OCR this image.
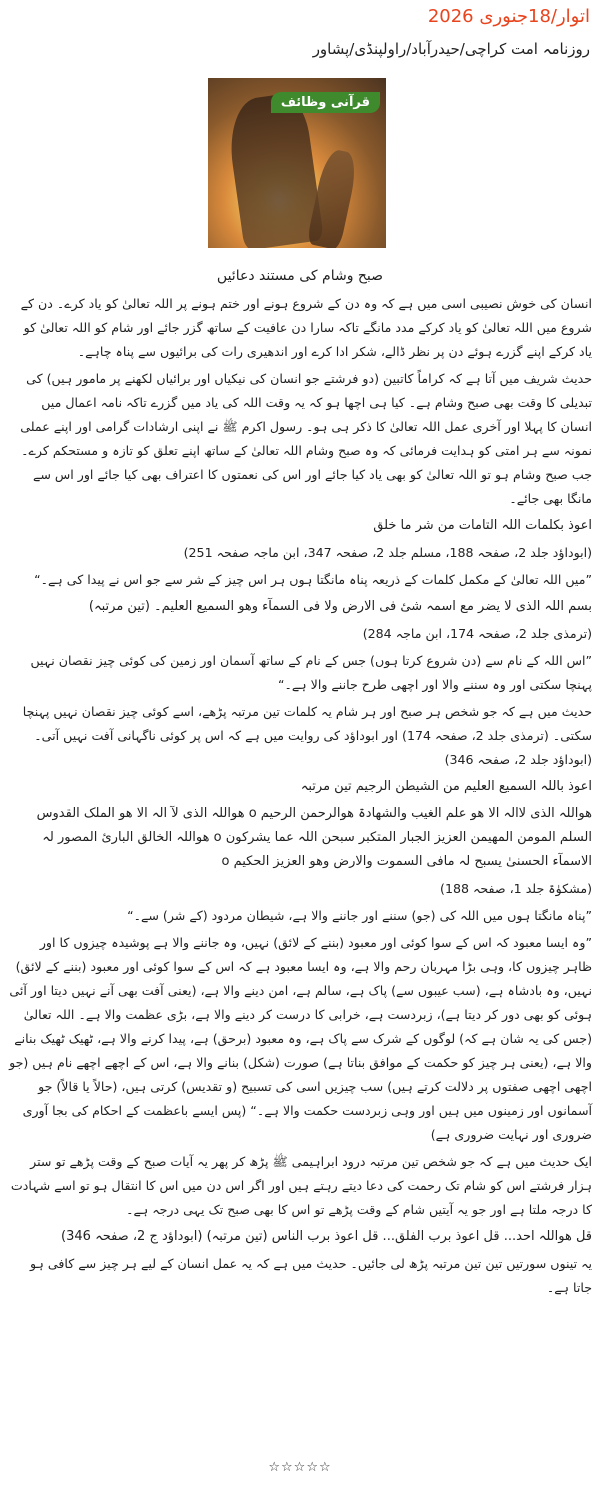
اتوار/18جنوری 2026
روزنامہ امت کراچی/حیدرآباد/راولپنڈی/پشاور
قرآنی وظائف
صبح وشام کی مستند دعائیں

انسان کی خوش نصیبی اسی میں ہے کہ وہ دن کے شروع ہونے اور ختم ہونے پر اللہ تعالیٰ کو یاد کرے۔ دن کے شروع میں اللہ تعالیٰ کو یاد کرکے مدد مانگے تاکہ سارا دن عافیت کے ساتھ گزر جائے اور شام کو اللہ تعالیٰ کو یاد کرکے اپنے گزرے ہوئے دن پر نظر ڈالے، شکر ادا کرے اور اندھیری رات کی برائیوں سے پناہ چاہے۔

حدیث شریف میں آتا ہے کہ کراماً کاتبین (دو فرشتے جو انسان کی نیکیاں اور برائیاں لکھنے پر مامور ہیں) کی تبدیلی کا وقت بھی صبح وشام ہے۔ کیا ہی اچھا ہو کہ یہ وقت اللہ کی یاد میں گزرے تاکہ نامہ اعمال میں انسان کا پہلا اور آخری عمل اللہ تعالیٰ کا ذکر ہی ہو۔ رسول اکرم ﷺ نے اپنی ارشادات گرامی اور اپنے عملی نمونہ سے ہر امتی کو ہدایت فرمائی کہ وہ صبح وشام اللہ تعالیٰ کے ساتھ اپنے تعلق کو تازہ و مستحکم کرے۔ جب صبح وشام ہو تو اللہ تعالیٰ کو بھی یاد کیا جائے اور اس کی نعمتوں کا اعتراف بھی کیا جائے اور اس سے مانگا بھی جائے۔

اعوذ بکلمات اللہ التامات من شر ما خلق

(ابوداؤد جلد 2، صفحہ 188، مسلم جلد 2، صفحہ 347، ابن ماجہ صفحہ 251)

”میں اللہ تعالیٰ کے مکمل کلمات کے ذریعہ پناہ مانگتا ہوں ہر اس چیز کے شر سے جو اس نے پیدا کی ہے۔“

بسم اللہ الذی لا یضر مع اسمہ شیٔ فی الارض ولا فی السمآء وھو السمیع العلیم۔ (تین مرتبہ)

(ترمذی جلد 2، صفحہ 174، ابن ماجہ 284)

”اس اللہ کے نام سے (دن شروع کرتا ہوں) جس کے نام کے ساتھ آسمان اور زمین کی کوئی چیز نقصان نہیں پہنچا سکتی اور وہ سننے والا اور اچھی طرح جاننے والا ہے۔“

حدیث میں ہے کہ جو شخص ہر صبح اور ہر شام یہ کلمات تین مرتبہ پڑھے، اسے کوئی چیز نقصان نہیں پہنچا سکتی۔ (ترمذی جلد 2، صفحہ 174) اور ابوداؤد کی روایت میں ہے کہ اس پر کوئی ناگہانی آفت نہیں آتی۔ (ابوداؤد جلد 2، صفحہ 346)

اعوذ باللہ السمیع العلیم من الشیطن الرجیم تین مرتبہ

ھواللہ الذی لاالہ الا ھو علم الغیب والشھادۃ ھوالرحمن الرحیم o ھواللہ الذی لآ الہ الا ھو الملک القدوس السلم المومن المھیمن العزیز الجبار المتکبر سبحن اللہ عما یشرکون o ھواللہ الخالق الباریٔ المصور لہ الاسمآء الحسنیٰ یسبح لہ مافی السموت والارض وھو العزیز الحکیم o

(مشکوٰۃ جلد 1، صفحہ 188)

”پناہ مانگتا ہوں میں اللہ کی (جو) سننے اور جاننے والا ہے، شیطان مردود (کے شر) سے۔“

”وہ ایسا معبود کہ اس کے سوا کوئی اور معبود (بننے کے لائق) نہیں، وہ جاننے والا ہے پوشیدہ چیزوں کا اور ظاہر چیزوں کا، وہی بڑا مہربان رحم والا ہے، وہ ایسا معبود ہے کہ اس کے سوا کوئی اور معبود (بننے کے لائق) نہیں، وہ بادشاہ ہے، (سب عیبوں سے) پاک ہے، سالم ہے، امن دینے والا ہے، (یعنی آفت بھی آنے نہیں دیتا اور آئی ہوئی کو بھی دور کر دیتا ہے)، زبردست ہے، خرابی کا درست کر دینے والا ہے، بڑی عظمت والا ہے۔ اللہ تعالیٰ (جس کی یہ شان ہے کہ) لوگوں کے شرک سے پاک ہے، وہ معبود (برحق) ہے، پیدا کرنے والا ہے، ٹھیک ٹھیک بنانے والا ہے، (یعنی ہر چیز کو حکمت کے موافق بناتا ہے) صورت (شکل) بنانے والا ہے، اس کے اچھے اچھے نام ہیں (جو اچھی اچھی صفتوں پر دلالت کرتے ہیں) سب چیزیں اسی کی تسبیح (و تقدیس) کرتی ہیں، (حالاً یا قالاً) جو آسمانوں اور زمینوں میں ہیں اور وہی زبردست حکمت والا ہے۔“ (پس ایسے باعظمت کے احکام کی بجا آوری ضروری اور نہایت ضروری ہے)

ایک حدیث میں ہے کہ جو شخص تین مرتبہ درود ابراہیمی ﷺ پڑھ کر پھر یہ آیات صبح کے وقت پڑھے تو ستر ہزار فرشتے اس کو شام تک رحمت کی دعا دیتے رہتے ہیں اور اگر اس دن میں اس کا انتقال ہو تو اسے شہادت کا درجہ ملتا ہے اور جو یہ آیتیں شام کے وقت پڑھے تو اس کا بھی صبح تک یہی درجہ ہے۔

قل ھواللہ احد... قل اعوذ برب الفلق... قل اعوذ برب الناس (تین مرتبہ) (ابوداؤد ج 2، صفحہ 346)

یہ تینوں سورتیں تین تین مرتبہ پڑھ لی جائیں۔ حدیث میں ہے کہ یہ عمل انسان کے لیے ہر چیز سے کافی ہو جاتا ہے۔

☆☆☆☆☆
